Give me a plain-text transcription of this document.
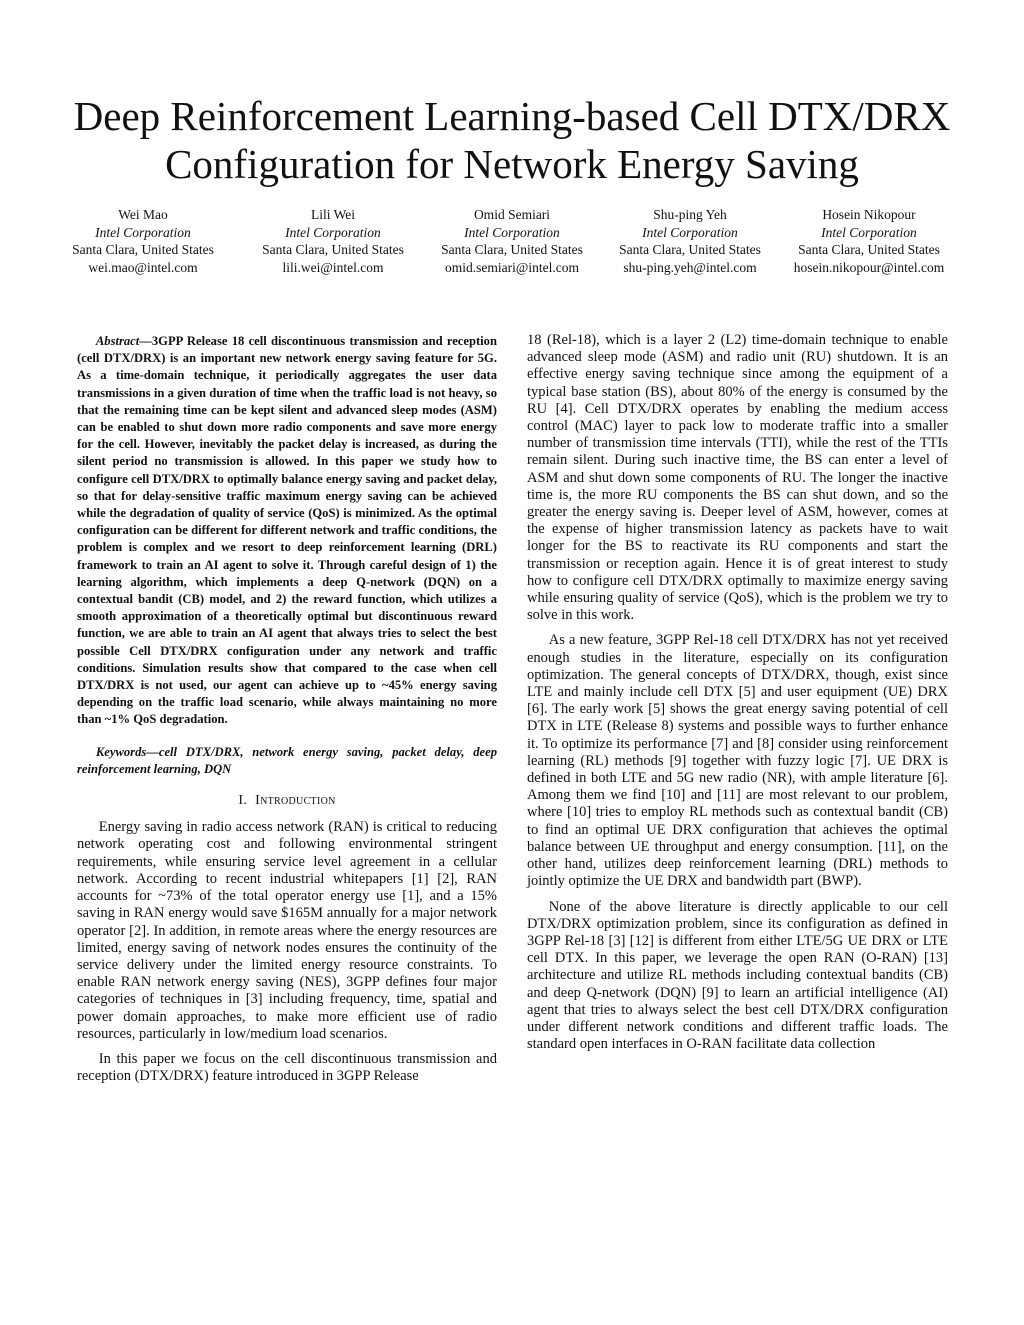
Deep Reinforcement Learning-based Cell DTX/DRX
Configuration for Network Energy Saving
Wei Mao
Intel Corporation
Santa Clara, United States
wei.mao@intel.com
Lili Wei
Intel Corporation
Santa Clara, United States
lili.wei@intel.com
Omid Semiari
Intel Corporation
Santa Clara, United States
omid.semiari@intel.com
Shu-ping Yeh
Intel Corporation
Santa Clara, United States
shu-ping.yeh@intel.com
Hosein Nikopour
Intel Corporation
Santa Clara, United States
hosein.nikopour@intel.com

Abstract—3GPP Release 18 cell discontinuous transmission and reception (cell DTX/DRX) is an important new network energy saving feature for 5G. As a time-domain technique, it periodically aggregates the user data transmissions in a given duration of time when the traffic load is not heavy, so that the remaining time can be kept silent and advanced sleep modes (ASM) can be enabled to shut down more radio components and save more energy for the cell. However, inevitably the packet delay is increased, as during the silent period no transmission is allowed. In this paper we study how to configure cell DTX/DRX to optimally balance energy saving and packet delay, so that for delay-sensitive traffic maximum energy saving can be achieved while the degradation of quality of service (QoS) is minimized. As the optimal configuration can be different for different network and traffic conditions, the problem is complex and we resort to deep reinforcement learning (DRL) framework to train an AI agent to solve it. Through careful design of 1) the learning algorithm, which implements a deep Q-network (DQN) on a contextual bandit (CB) model, and 2) the reward function, which utilizes a smooth approximation of a theoretically optimal but discontinuous reward function, we are able to train an AI agent that always tries to select the best possible Cell DTX/DRX configuration under any network and traffic conditions. Simulation results show that compared to the case when cell DTX/DRX is not used, our agent can achieve up to ~45% energy saving depending on the traffic load scenario, while always maintaining no more than ~1% QoS degradation.

Keywords—cell DTX/DRX, network energy saving, packet delay, deep reinforcement learning, DQN

I. Introduction

Energy saving in radio access network (RAN) is critical to reducing network operating cost and following environmental stringent requirements, while ensuring service level agreement in a cellular network. According to recent industrial whitepapers [1] [2], RAN accounts for ~73% of the total operator energy use [1], and a 15% saving in RAN energy would save $165M annually for a major network operator [2]. In addition, in remote areas where the energy resources are limited, energy saving of network nodes ensures the continuity of the service delivery under the limited energy resource constraints. To enable RAN network energy saving (NES), 3GPP defines four major categories of techniques in [3] including frequency, time, spatial and power domain approaches, to make more efficient use of radio resources, particularly in low/medium load scenarios.

In this paper we focus on the cell discontinuous transmission and reception (DTX/DRX) feature introduced in 3GPP Release

18 (Rel-18), which is a layer 2 (L2) time-domain technique to enable advanced sleep mode (ASM) and radio unit (RU) shutdown. It is an effective energy saving technique since among the equipment of a typical base station (BS), about 80% of the energy is consumed by the RU [4]. Cell DTX/DRX operates by enabling the medium access control (MAC) layer to pack low to moderate traffic into a smaller number of transmission time intervals (TTI), while the rest of the TTIs remain silent. During such inactive time, the BS can enter a level of ASM and shut down some components of RU. The longer the inactive time is, the more RU components the BS can shut down, and so the greater the energy saving is. Deeper level of ASM, however, comes at the expense of higher transmission latency as packets have to wait longer for the BS to reactivate its RU components and start the transmission or reception again. Hence it is of great interest to study how to configure cell DTX/DRX optimally to maximize energy saving while ensuring quality of service (QoS), which is the problem we try to solve in this work.

As a new feature, 3GPP Rel-18 cell DTX/DRX has not yet received enough studies in the literature, especially on its configuration optimization. The general concepts of DTX/DRX, though, exist since LTE and mainly include cell DTX [5] and user equipment (UE) DRX [6]. The early work [5] shows the great energy saving potential of cell DTX in LTE (Release 8) systems and possible ways to further enhance it. To optimize its performance [7] and [8] consider using reinforcement learning (RL) methods [9] together with fuzzy logic [7]. UE DRX is defined in both LTE and 5G new radio (NR), with ample literature [6]. Among them we find [10] and [11] are most relevant to our problem, where [10] tries to employ RL methods such as contextual bandit (CB) to find an optimal UE DRX configuration that achieves the optimal balance between UE throughput and energy consumption. [11], on the other hand, utilizes deep reinforcement learning (DRL) methods to jointly optimize the UE DRX and bandwidth part (BWP).

None of the above literature is directly applicable to our cell DTX/DRX optimization problem, since its configuration as defined in 3GPP Rel-18 [3] [12] is different from either LTE/5G UE DRX or LTE cell DTX. In this paper, we leverage the open RAN (O-RAN) [13] architecture and utilize RL methods including contextual bandits (CB) and deep Q-network (DQN) [9] to learn an artificial intelligence (AI) agent that tries to always select the best cell DTX/DRX configuration under different network conditions and different traffic loads. The standard open interfaces in O-RAN facilitate data collection
